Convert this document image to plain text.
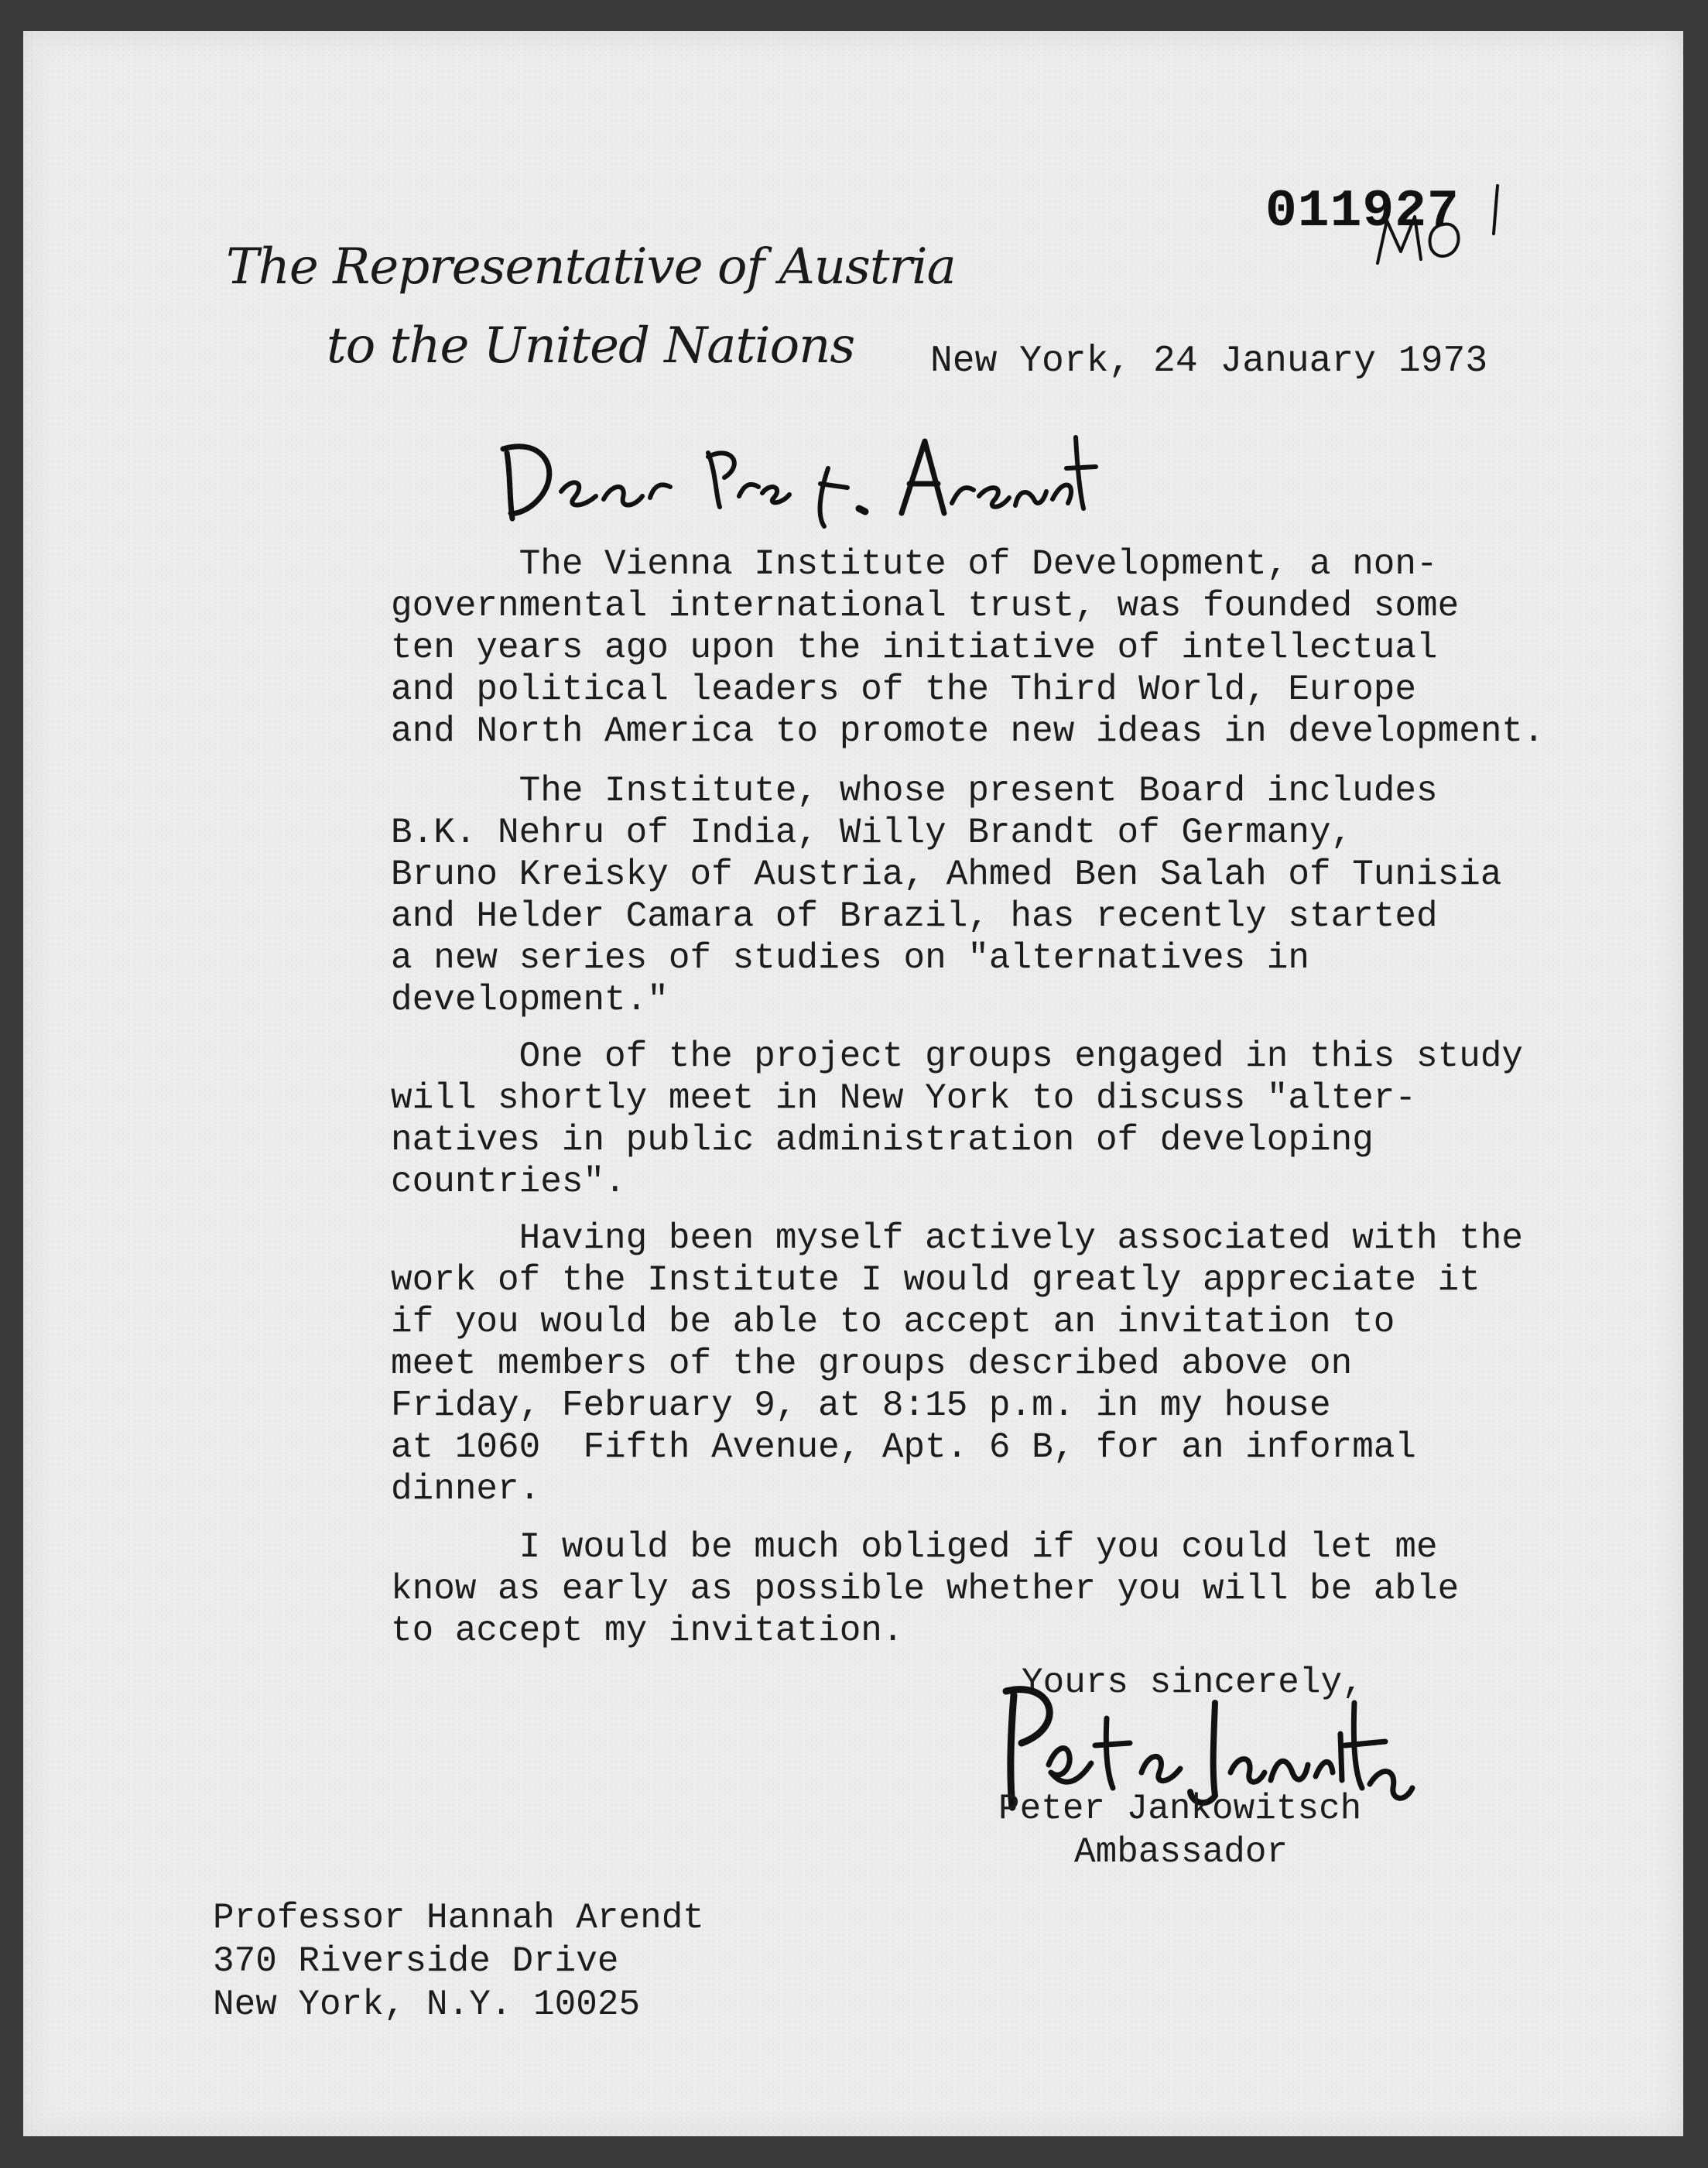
011927
The Representative of Austria
to the United Nations New York, 24 January 1973
The Vienna Institute of Development, a non-
governmental international trust, was founded some
ten years ago upon the initiative of intellectual
and political leaders of the Third World, Europe
and North America to promote new ideas in development.
The Institute, whose present Board includes
B.K. Nehru of India, Willy Brandt of Germany,
Bruno Kreisky of Austria, Ahmed Ben Salah of Tunisia
and Helder Camara of Brazil, has recently started
a new series of studies on "alternatives in
development."
One of the project groups engaged in this study
will shortly meet in New York to discuss "alter-
natives in public administration of developing
countries".
Having been myself actively associated with the
work of the Institute I would greatly appreciate it
if you would be able to accept an invitation to
meet members of the groups described above on
Friday, February 9, at 8:15 p.m. in my house
at 1060  Fifth Avenue, Apt. 6 B, for an informal
dinner.
I would be much obliged if you could let me
know as early as possible whether you will be able
to accept my invitation.
Yours sincerely,
Peter Jankowitsch
Ambassador
Professor Hannah Arendt
370 Riverside Drive
New York, N.Y. 10025
